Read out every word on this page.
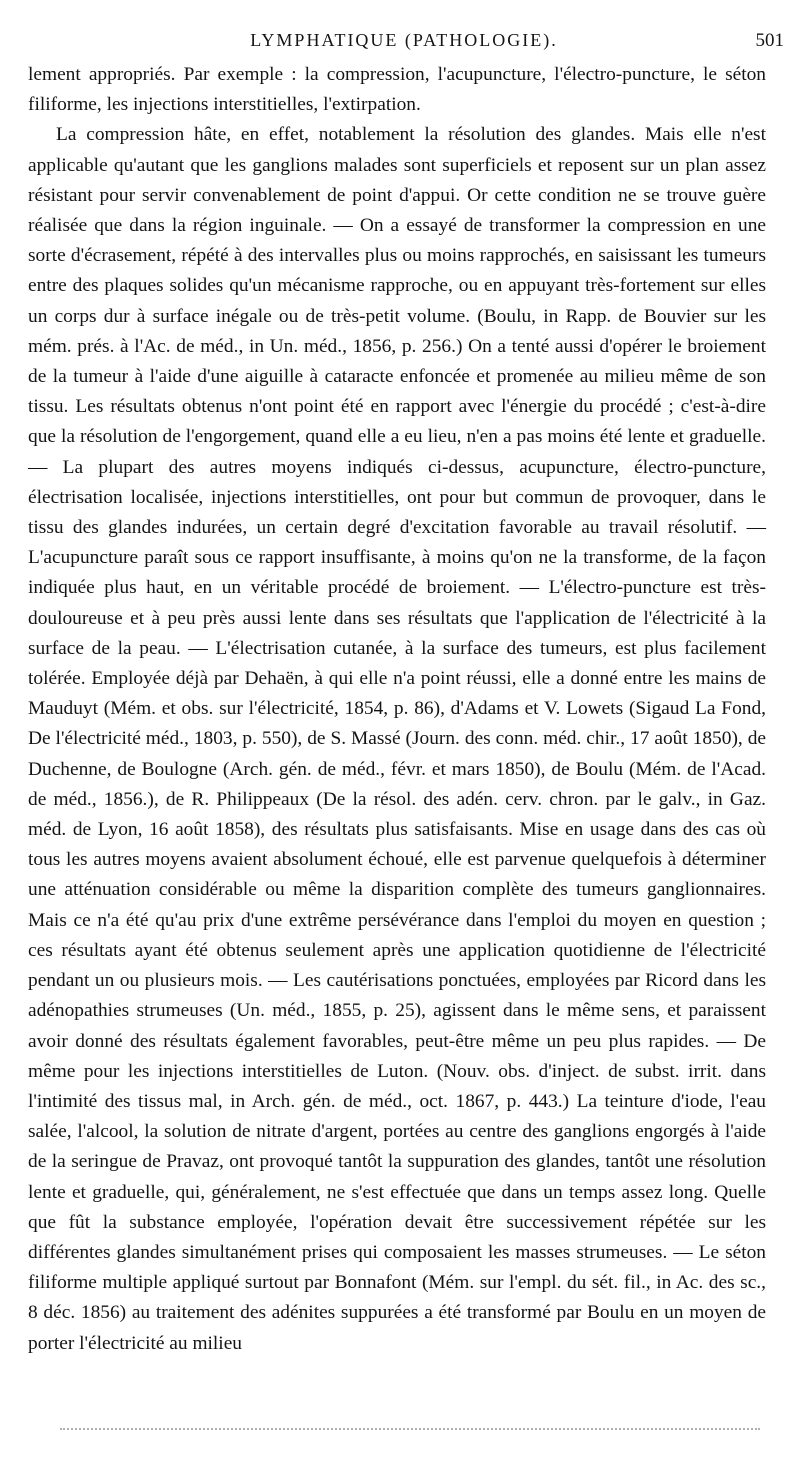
LYMPHATIQUE (PATHOLOGIE).	501

lement appropriés. Par exemple : la compression, l'acupuncture, l'électro-puncture, le séton filiforme, les injections interstitielles, l'extirpation.

La compression hâte, en effet, notablement la résolution des glandes. Mais elle n'est applicable qu'autant que les ganglions malades sont superficiels et reposent sur un plan assez résistant pour servir convenablement de point d'appui. Or cette condition ne se trouve guère réalisée que dans la région inguinale. — On a essayé de transformer la compression en une sorte d'écrasement, répété à des intervalles plus ou moins rapprochés, en saisissant les tumeurs entre des plaques solides qu'un mécanisme rapproche, ou en appuyant très-fortement sur elles un corps dur à surface inégale ou de très-petit volume. (Boulu, in Rapp. de Bouvier sur les mém. prés. à l'Ac. de méd., in Un. méd., 1856, p. 256.) On a tenté aussi d'opérer le broiement de la tumeur à l'aide d'une aiguille à cataracte enfoncée et promenée au milieu même de son tissu. Les résultats obtenus n'ont point été en rapport avec l'énergie du procédé ; c'est-à-dire que la résolution de l'engorgement, quand elle a eu lieu, n'en a pas moins été lente et graduelle. — La plupart des autres moyens indiqués ci-dessus, acupuncture, électro-puncture, électrisation localisée, injections interstitielles, ont pour but commun de provoquer, dans le tissu des glandes indurées, un certain degré d'excitation favorable au travail résolutif. — L'acupuncture paraît sous ce rapport insuffisante, à moins qu'on ne la transforme, de la façon indiquée plus haut, en un véritable procédé de broiement. — L'électro-puncture est très-douloureuse et à peu près aussi lente dans ses résultats que l'application de l'électricité à la surface de la peau. — L'électrisation cutanée, à la surface des tumeurs, est plus facilement tolérée. Employée déjà par Dehaën, à qui elle n'a point réussi, elle a donné entre les mains de Mauduyt (Mém. et obs. sur l'électricité, 1854, p. 86), d'Adams et V. Lowets (Sigaud La Fond, De l'électricité méd., 1803, p. 550), de S. Massé (Journ. des conn. méd. chir., 17 août 1850), de Duchenne, de Boulogne (Arch. gén. de méd., févr. et mars 1850), de Boulu (Mém. de l'Acad. de méd., 1856.), de R. Philippeaux (De la résol. des adén. cerv. chron. par le galv., in Gaz. méd. de Lyon, 16 août 1858), des résultats plus satisfaisants. Mise en usage dans des cas où tous les autres moyens avaient absolument échoué, elle est parvenue quelquefois à déterminer une atténuation considérable ou même la disparition complète des tumeurs ganglionnaires. Mais ce n'a été qu'au prix d'une extrême persévérance dans l'emploi du moyen en question ; ces résultats ayant été obtenus seulement après une application quotidienne de l'électricité pendant un ou plusieurs mois. — Les cautérisations ponctuées, employées par Ricord dans les adénopathies strumeuses (Un. méd., 1855, p. 25), agissent dans le même sens, et paraissent avoir donné des résultats également favorables, peut-être même un peu plus rapides. — De même pour les injections interstitielles de Luton. (Nouv. obs. d'inject. de subst. irrit. dans l'intimité des tissus mal, in Arch. gén. de méd., oct. 1867, p. 443.) La teinture d'iode, l'eau salée, l'alcool, la solution de nitrate d'argent, portées au centre des ganglions engorgés à l'aide de la seringue de Pravaz, ont provoqué tantôt la suppuration des glandes, tantôt une résolution lente et graduelle, qui, généralement, ne s'est effectuée que dans un temps assez long. Quelle que fût la substance employée, l'opération devait être successivement répétée sur les différentes glandes simultanément prises qui composaient les masses strumeuses. — Le séton filiforme multiple appliqué surtout par Bonnafont (Mém. sur l'empl. du sét. fil., in Ac. des sc., 8 déc. 1856) au traitement des adénites suppurées a été transformé par Boulu en un moyen de porter l'électricité au milieu
